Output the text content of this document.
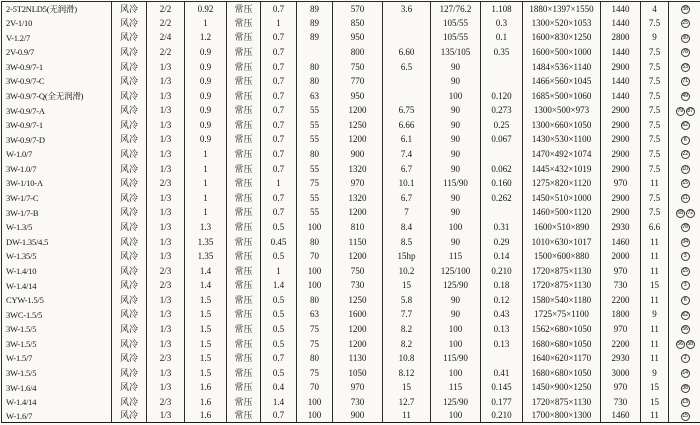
2-5T2NLD5(无润滑)	风冷	2/2	0.92	常压	0.7	89	570	3.6	127/76.2	1.108	1880×1397×1550	1440	4	38
2V-1/10	风冷	2/2	1	常压	1	89	850		105/55	0.3	1300×520×1053	1440	7.5	25
V-1.2/7	风冷	2/4	1.2	常压	0.7	89	950		105/55	0.1	1600×830×1250	2800	9	30
2V-0.9/7	风冷	2/2	0.9	常压	0.7		800	6.60	135/105	0.35	1600×500×1000	1440	7.5	78
3W-0.9/7-1	风冷	1/3	0.9	常压	0.7	80	750	6.5	90		1484×536×1140	2900	7.5	53
3W-0.9/7-C	风冷	1/3	0.9	常压	0.7	80	770		90		1466×560×1045	1440	7.5	71
3W-0.9/7-Q(全无润滑)	风冷	1/3	0.9	常压	0.7	63	950		100	0.120	1685×500×1060	1440	7.5	49
3W-0.9/7-A	风冷	1/3	0.9	常压	0.7	55	1200	6.75	90	0.273	1300×500×973	2900	7.5	79 87
3W-0.9/7-1	风冷	1/3	0.9	常压	0.7	55	1250	6.66	90	0.25	1300×660×1050	2900	7.5	62
3W-0.9/7-D	风冷	1/3	0.9	常压	0.7	55	1200	6.1	90	0.067	1430×530×1100	2900	7.5	6
W-1.0/7	风冷	1/3	1	常压	0.7	80	900	7.4	90		1470×492×1074	2900	7.5	22
3W-1.0/7	风冷	1/3	1	常压	0.7	55	1320	6.7	90	0.062	1445×432×1019	2900	7.5	10
3W-1/10-A	风冷	2/3	1	常压	1	75	970	10.1	115/90	0.160	1275×820×1120	970	11	15
3W-1/7-C	风冷	1/3	1	常压	0.7	55	1320	6.7	90	0.262	1450×510×1000	2900	7.5	11
3W-1/7-B	风冷	1/3	1	常压	0.7	55	1200	7	90		1460×500×1120	2900	7.5	58 72
W-1.3/5	风冷	1/3	1.3	常压	0.5	100	810	8.4	100	0.31	1600×510×890	2930	6.6	78
DW-1.35/4.5	风冷	1/3	1.35	常压	0.45	80	1150	8.5	90	0.29	1010×630×1017	1460	11	34
W-1.35/5	风冷	1/3	1.35	常压	0.5	70	1200	15hp	115	0.14	1500×600×880	2000	11	3
W-1.4/10	风冷	2/3	1.4	常压	1	100	750	10.2	125/100	0.210	1720×875×1130	970	11	15
W-1.4/14	风冷	2/3	1.4	常压	1.4	100	730	15	125/90	0.18	1720×875×1130	730	15	3
CYW-1.5/5	风冷	1/3	1.5	常压	0.5	80	1250	5.8	90	0.12	1580×540×1180	2200	11	6
3WC-1.5/5	风冷	1/3	1.5	常压	0.5	63	1600	7.7	90	0.43	1725×75×1100	1800	9	62
3W-1.5/5	风冷	1/3	1.5	常压	0.5	75	1200	8.2	100	0.13	1562×680×1050	970	11	56
3W-1.5/5	风冷	1/3	1.5	常压	0.5	75	1200	8.2	100	0.13	1680×680×1050	2200	11	56 58
W-1.5/7	风冷	2/3	1.5	常压	0.7	80	1130	10.8	115/90		1640×620×1170	2930	11	2
3W-1.5/5	风冷	1/3	1.5	常压	0.5	75	1050	8.12	100	0.41	1680×680×1050	3000	9	14
3W-1.6/4	风冷	1/3	1.6	常压	0.4	70	970	15	115	0.145	1450×900×1250	970	15	38
W-1.4/14	风冷	2/3	1.6	常压	1.4	100	730	12.7	125/90	0.177	1720×875×1130	730	15	13
W-1.6/7	风冷	1/3	1.6	常压	0.7	100	900	11	100	0.210	1700×800×1300	1460	11	15
